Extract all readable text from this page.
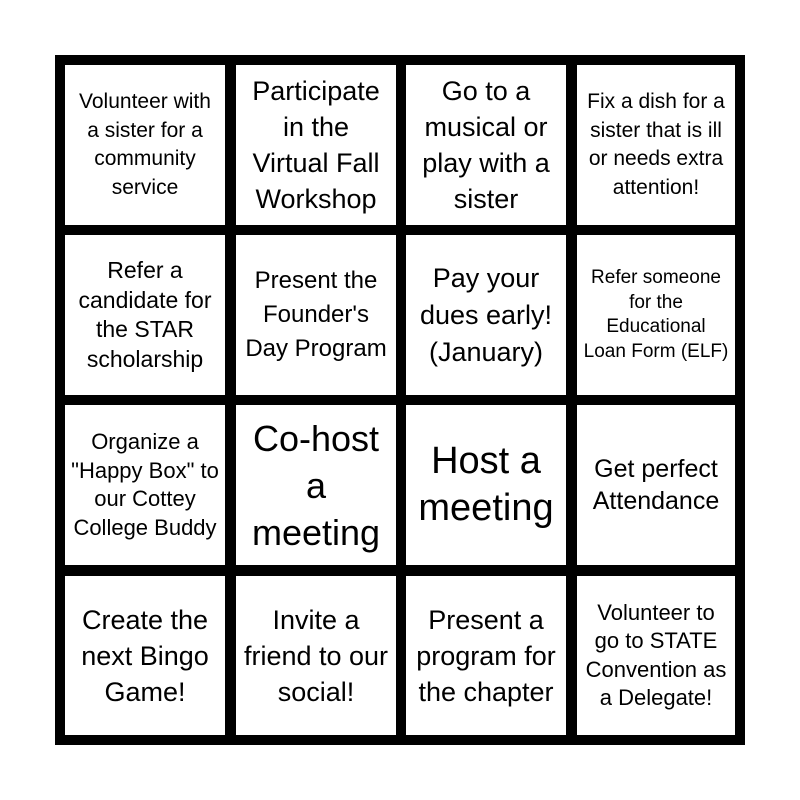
Volunteer with a sister for a community service
Participate in the Virtual Fall Workshop
Go to a musical or play with a sister
Fix a dish for a sister that is ill or needs extra attention!
Refer a candidate for the STAR scholarship
Present the Founder's Day Program
Pay your dues early! (January)
Refer someone for the Educational Loan Form (ELF)
Organize a "Happy Box" to our Cottey College Buddy
Co-host a meeting
Host a meeting
Get perfect Attendance
Create the next Bingo Game!
Invite a friend to our social!
Present a program for the chapter
Volunteer to go to STATE Convention as a Delegate!
